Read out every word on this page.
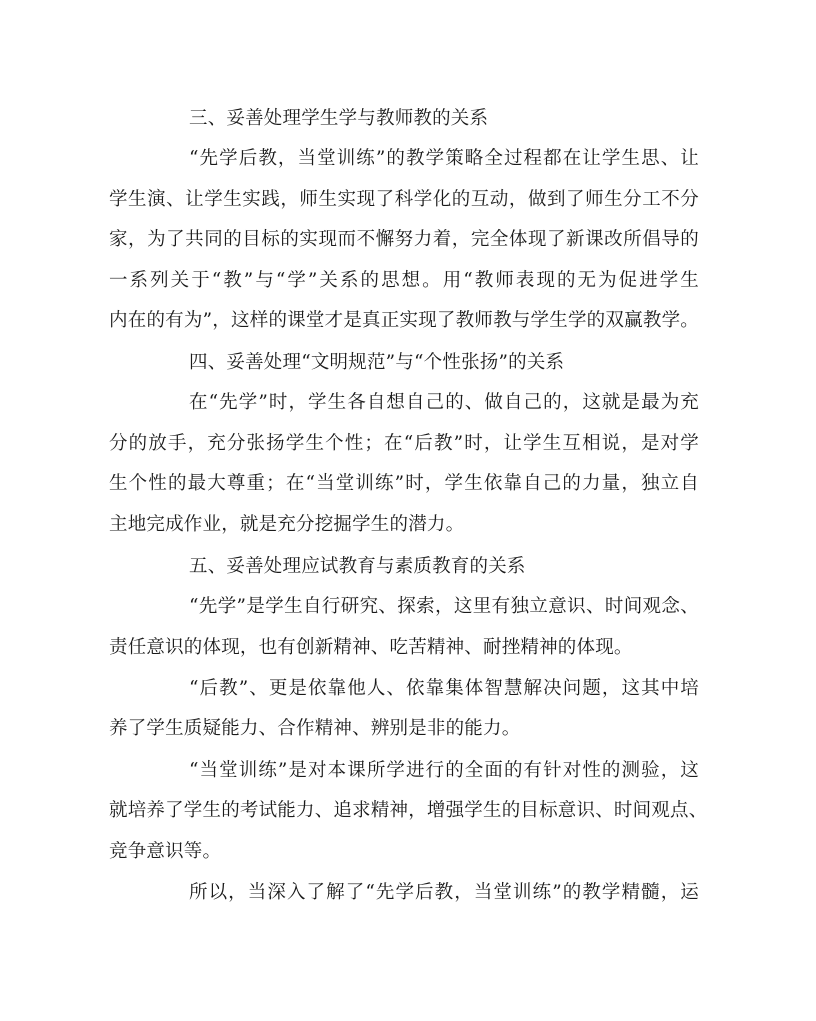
三、妥善处理学生学与教师教的关系
“先学后教，当堂训练”的教学策略全过程都在让学生思、让
学生演、让学生实践，师生实现了科学化的互动，做到了师生分工不分
家，为了共同的目标的实现而不懈努力着，完全体现了新课改所倡导的
一系列关于“教”与“学”关系的思想。用“教师表现的无为促进学生
内在的有为”，这样的课堂才是真正实现了教师教与学生学的双赢教学。
四、妥善处理“文明规范”与“个性张扬”的关系
在“先学”时，学生各自想自己的、做自己的，这就是最为充
分的放手，充分张扬学生个性；在“后教”时，让学生互相说，是对学
生个性的最大尊重；在“当堂训练”时，学生依靠自己的力量，独立自
主地完成作业，就是充分挖掘学生的潜力。
五、妥善处理应试教育与素质教育的关系
“先学”是学生自行研究、探索，这里有独立意识、时间观念、
责任意识的体现，也有创新精神、吃苦精神、耐挫精神的体现。
“后教”、更是依靠他人、依靠集体智慧解决问题，这其中培
养了学生质疑能力、合作精神、辨别是非的能力。
“当堂训练”是对本课所学进行的全面的有针对性的测验，这
就培养了学生的考试能力、追求精神，增强学生的目标意识、时间观点、
竞争意识等。
所以，当深入了解了“先学后教，当堂训练”的教学精髓，运
